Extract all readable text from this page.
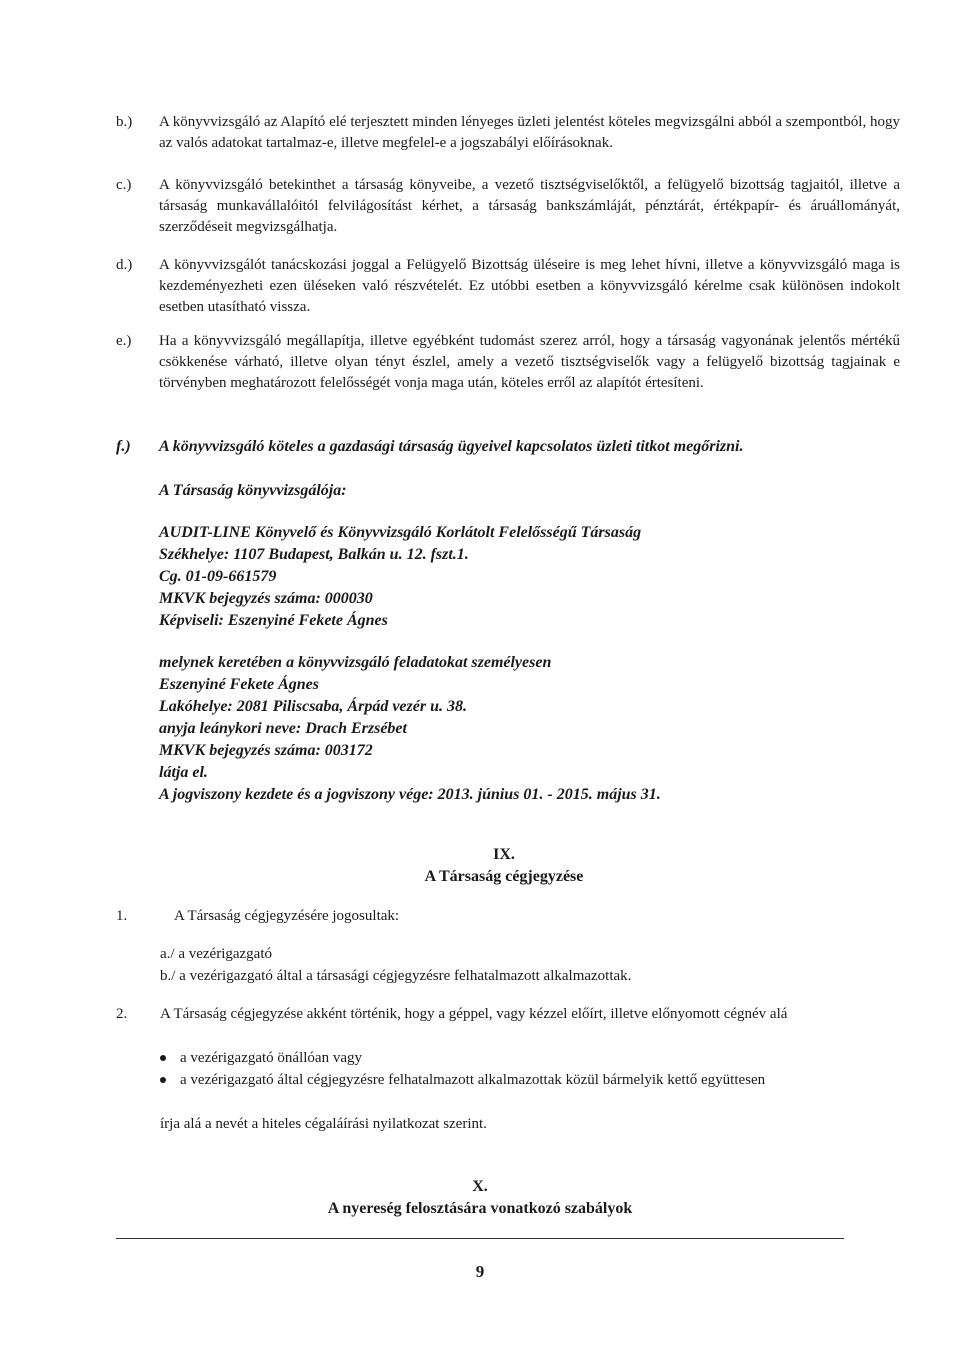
b.) A könyvvizsgáló az Alapító elé terjesztett minden lényeges üzleti jelentést köteles megvizsgálni abból a szempontból, hogy az valós adatokat tartalmaz-e, illetve megfelel-e a jogszabályi előírásoknak.
c.) A könyvvizsgáló betekinthet a társaság könyveibe, a vezető tisztségviselőktől, a felügyelő bizottság tagjaitól, illetve a társaság munkavállalóitól felvilágosítást kérhet, a társaság bankszámláját, pénztárát, értékpapír- és áruállományát, szerződéseit megvizsgálhatja.
d.) A könyvvizsgálót tanácskozási joggal a Felügyelő Bizottság üléseire is meg lehet hívni, illetve a könyvvizsgáló maga is kezdeményezheti ezen üléseken való részvételét. Ez utóbbi esetben a könyvvizsgáló kérelme csak különösen indokolt esetben utasítható vissza.
e.) Ha a könyvvizsgáló megállapítja, illetve egyébként tudomást szerez arról, hogy a társaság vagyonának jelentős mértékű csökkenése várható, illetve olyan tényt észlel, amely a vezető tisztségviselők vagy a felügyelő bizottság tagjainak e törvényben meghatározott felelősségét vonja maga után, köteles erről az alapítót értesíteni.
f.) A könyvvizsgáló köteles a gazdasági társaság ügyeivel kapcsolatos üzleti titkot megőrizni.
A Társaság könyvvizsgálója:
AUDIT-LINE Könyvelő és Könyvvizsgáló Korlátolt Felelősségű Társaság
Székhelye: 1107 Budapest, Balkán u. 12. fszt.1.
Cg. 01-09-661579
MKVK bejegyzés száma: 000030
Képviseli: Eszenyiné Fekete Ágnes
melynek keretében a könyvvizsgáló feladatokat személyesen
Eszenyiné Fekete Ágnes
Lakóhelye: 2081 Piliscsaba, Árpád vezér u. 38.
anyja leánykori neve: Drach Erzsébet
MKVK bejegyzés száma: 003172
látja el.
A jogviszony kezdete és a jogviszony vége: 2013. június 01. - 2015. május 31.
IX.
A Társaság cégjegyzése
1.	A Társaság cégjegyzésére jogosultak:
a./ a vezérigazgató
b./ a vezérigazgató által a társasági cégjegyzésre felhatalmazott alkalmazottak.
2. A Társaság cégjegyzése akként történik, hogy a géppel, vagy kézzel előírt, illetve előnyomott cégnév alá
a vezérigazgató önállóan vagy
a vezérigazgató által cégjegyzésre felhatalmazott alkalmazottak közül bármelyik kettő együttesen
írja alá a nevét a hiteles cégaláírási nyilatkozat szerint.
X.
A nyereség felosztására vonatkozó szabályok
9
